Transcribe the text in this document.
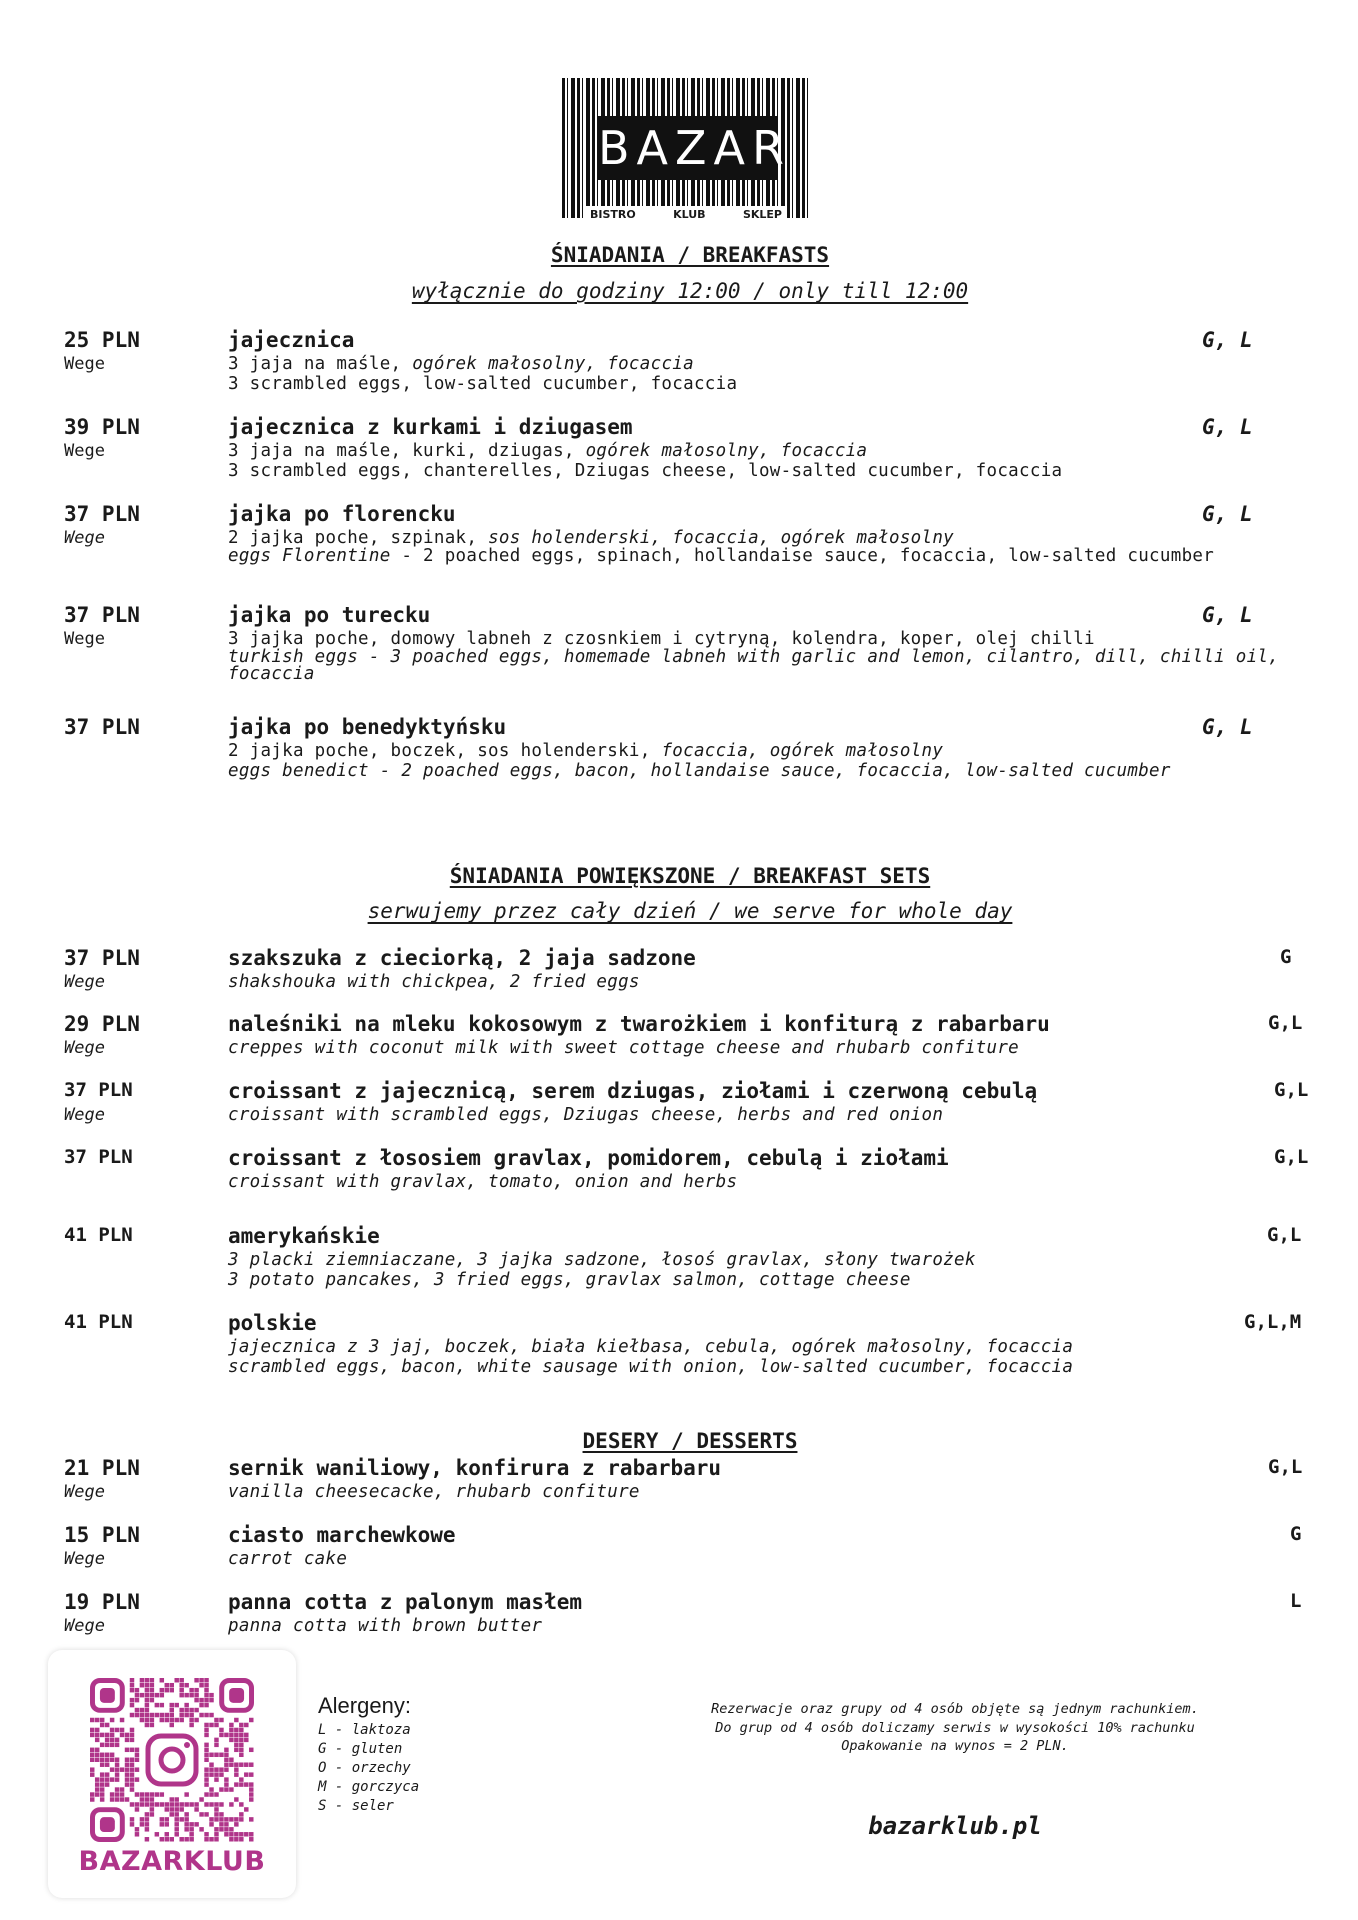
BAZAR
BISTRO	KLUB	SKLEP
ŚNIADANIA / BREAKFASTS
wyłącznie do godziny 12:00 / only till 12:00
25 PLN
Wege
jajecznica
3 jaja na maśle, ogórek małosolny, focaccia
3 scrambled eggs, low-salted cucumber, focaccia
G, L
39 PLN
Wege
jajecznica z kurkami i dziugasem
3 jaja na maśle, kurki, dziugas, ogórek małosolny, focaccia
3 scrambled eggs, chanterelles, Dziugas cheese, low-salted cucumber, focaccia
G, L
37 PLN
Wege
jajka po florencku
2 jajka poche, szpinak, sos holenderski, focaccia, ogórek małosolny
eggs Florentine - 2 poached eggs, spinach, hollandaise sauce, focaccia, low-salted cucumber
G, L
37 PLN
Wege
jajka po turecku
3 jajka poche, domowy labneh z czosnkiem i cytryną, kolendra, koper, olej chilli
turkish eggs - 3 poached eggs, homemade labneh with garlic and lemon, cilantro, dill, chilli oil, focaccia
G, L
37 PLN	jajka po benedyktyńsku
2 jajka poche, boczek, sos holenderski, focaccia, ogórek małosolny
eggs benedict - 2 poached eggs, bacon, hollandaise sauce, focaccia, low-salted cucumber
G, L
ŚNIADANIA POWIĘKSZONE / BREAKFAST SETS
serwujemy przez cały dzień / we serve for whole day
37 PLN
Wege
szakszuka z cieciorką, 2 jaja sadzone
shakshouka with chickpea, 2 fried eggs
G
29 PLN
Wege
naleśniki na mleku kokosowym z twarożkiem i konfiturą z rabarbaru
creppes with coconut milk with sweet cottage cheese and rhubarb confiture
G,L
37 PLN
Wege
croissant z jajecznicą, serem dziugas, ziołami i czerwoną cebulą
croissant with scrambled eggs, Dziugas cheese, herbs and red onion
G,L
37 PLN	croissant z łososiem gravlax, pomidorem, cebulą i ziołami
croissant with gravlax, tomato, onion and herbs
G,L
41 PLN	amerykańskie
3 placki ziemniaczane, 3 jajka sadzone, łosoś gravlax, słony twarożek
3 potato pancakes, 3 fried eggs, gravlax salmon, cottage cheese
G,L
41 PLN	polskie
jajecznica z 3 jaj, boczek, biała kiełbasa, cebula, ogórek małosolny, focaccia
scrambled eggs, bacon, white sausage with onion, low-salted cucumber, focaccia
G,L,M
DESERY / DESSERTS
21 PLN
Wege
sernik waniliowy, konfirura z rabarbaru
vanilla cheesecacke, rhubarb confiture
G,L
15 PLN
Wege
ciasto marchewkowe
carrot cake
G
19 PLN
Wege
panna cotta z palonym masłem
panna cotta with brown butter
L
BAZARKLUB
Alergeny:
L - laktoza
G - gluten
O - orzechy
M - gorczyca
S - seler
Rezerwacje oraz grupy od 4 osób objęte są jednym rachunkiem.
Do grup od 4 osób doliczamy serwis w wysokości 10% rachunku
Opakowanie na wynos = 2 PLN.
bazarklub.pl
